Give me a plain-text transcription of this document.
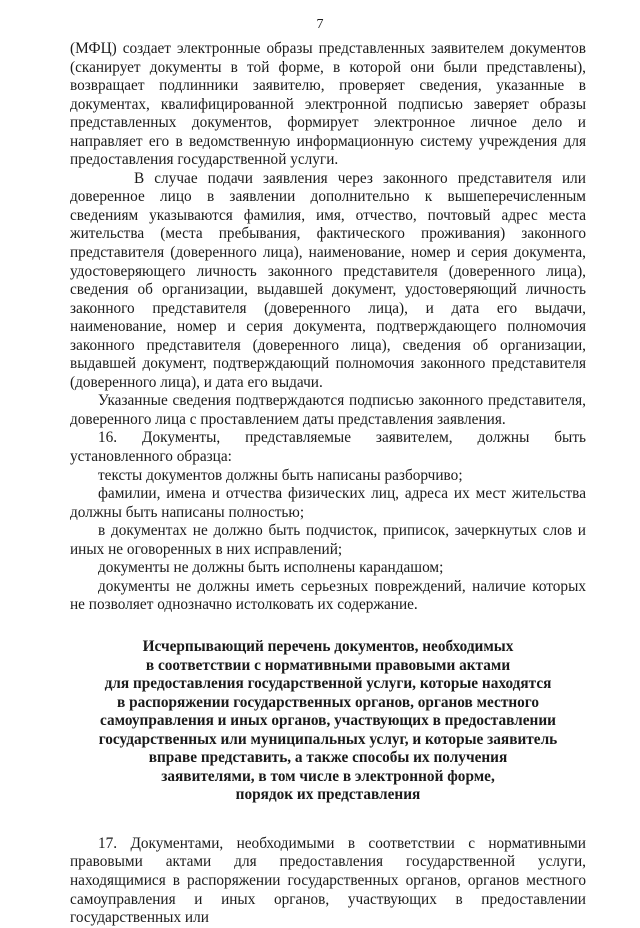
7

(МФЦ) создает электронные образы представленных заявителем документов (сканирует документы в той форме, в которой они были представлены), возвращает подлинники заявителю, проверяет сведения, указанные в документах, квалифицированной электронной подписью заверяет образы представленных документов, формирует электронное личное дело и направляет его в ведомственную информационную систему учреждения для предоставления государственной услуги.

В случае подачи заявления через законного представителя или доверенное лицо в заявлении дополнительно к вышеперечисленным сведениям указываются фамилия, имя, отчество, почтовый адрес места жительства (места пребывания, фактического проживания) законного представителя (доверенного лица), наименование, номер и серия документа, удостоверяющего личность законного представителя (доверенного лица), сведения об организации, выдавшей документ, удостоверяющий личность законного представителя (доверенного лица), и дата его выдачи, наименование, номер и серия документа, подтверждающего полномочия законного представителя (доверенного лица), сведения об организации, выдавшей документ, подтверждающий полномочия законного представителя (доверенного лица), и дата его выдачи.

Указанные сведения подтверждаются подписью законного представителя, доверенного лица с проставлением даты представления заявления.

16. Документы, представляемые заявителем, должны быть установленного образца:

тексты документов должны быть написаны разборчиво;

фамилии, имена и отчества физических лиц, адреса их мест жительства должны быть написаны полностью;

в документах не должно быть подчисток, приписок, зачеркнутых слов и иных не оговоренных в них исправлений;

документы не должны быть исполнены карандашом;

документы не должны иметь серьезных повреждений, наличие которых не позволяет однозначно истолковать их содержание.

Исчерпывающий перечень документов, необходимых
в соответствии с нормативными правовыми актами
для предоставления государственной услуги, которые находятся
в распоряжении государственных органов, органов местного
самоуправления и иных органов, участвующих в предоставлении
государственных или муниципальных услуг, и которые заявитель
вправе представить, а также способы их получения
заявителями, в том числе в электронной форме,
порядок их представления

17. Документами, необходимыми в соответствии с нормативными правовыми актами для предоставления государственной услуги, находящимися в распоряжении государственных органов, органов местного самоуправления и иных органов, участвующих в предоставлении государственных или
